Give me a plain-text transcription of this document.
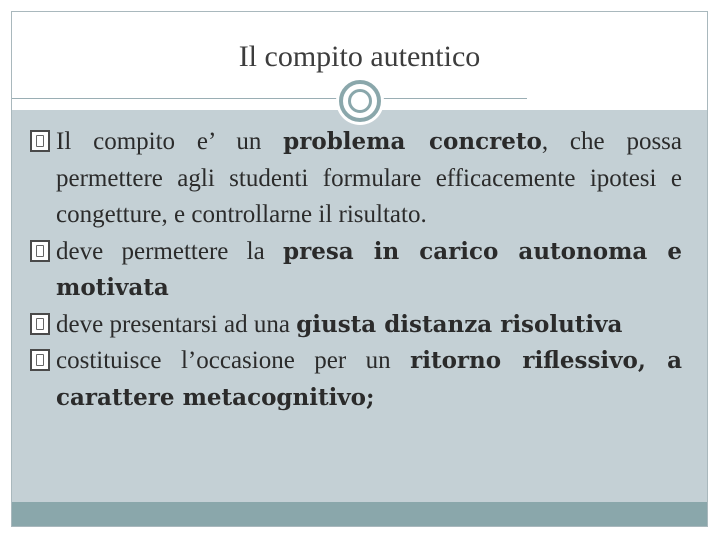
Il compito autentico
Il compito e’ un problema concreto, che possa permettere agli studenti formulare efficacemente ipotesi e congetture, e controllarne il risultato.
deve permettere la presa in carico autonoma e motivata
deve presentarsi ad una giusta distanza risolutiva
costituisce l’occasione per un ritorno riflessivo, a carattere metacognitivo;
